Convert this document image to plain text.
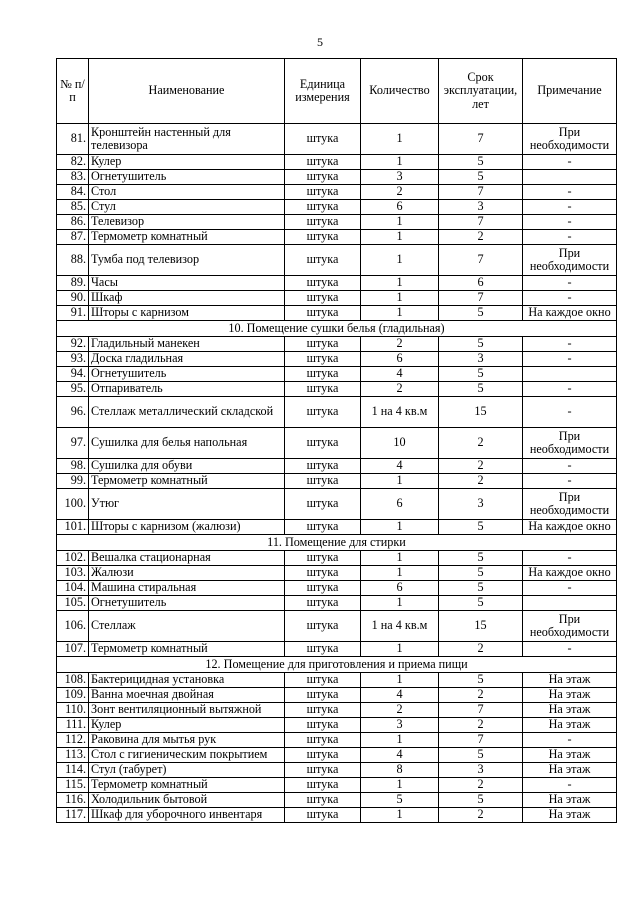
5
№ п/п	Наименование	Единица измерения	Количество	Срок эксплуатации, лет	Примечание
81.	Кронштейн настенный для телевизора	штука	1	7	При необходимости
82.	Кулер	штука	1	5	-
83.	Огнетушитель	штука	3	5	
84.	Стол	штука	2	7	-
85.	Стул	штука	6	3	-
86.	Телевизор	штука	1	7	-
87.	Термометр комнатный	штука	1	2	-
88.	Тумба под телевизор	штука	1	7	При необходимости
89.	Часы	штука	1	6	-
90.	Шкаф	штука	1	7	-
91.	Шторы с карнизом	штука	1	5	На каждое окно
10. Помещение сушки белья (гладильная)					
92.	Гладильный манекен	штука	2	5	-
93.	Доска гладильная	штука	6	3	-
94.	Огнетушитель	штука	4	5	
95.	Отпариватель	штука	2	5	-
96.	Стеллаж металлический складской	штука	1 на 4 кв.м	15	-
97.	Сушилка для белья напольная	штука	10	2	При необходимости
98.	Сушилка для обуви	штука	4	2	-
99.	Термометр комнатный	штука	1	2	-
100.	Утюг	штука	6	3	При необходимости
101.	Шторы с карнизом (жалюзи)	штука	1	5	На каждое окно
11. Помещение для стирки					
102.	Вешалка стационарная	штука	1	5	-
103.	Жалюзи	штука	1	5	На каждое окно
104.	Машина стиральная	штука	6	5	-
105.	Огнетушитель	штука	1	5	
106.	Стеллаж	штука	1 на 4 кв.м	15	При необходимости
107.	Термометр комнатный	штука	1	2	-
12. Помещение для приготовления и приема пищи					
108.	Бактерицидная установка	штука	1	5	На этаж
109.	Ванна моечная двойная	штука	4	2	На этаж
110.	Зонт вентиляционный вытяжной	штука	2	7	На этаж
111.	Кулер	штука	3	2	На этаж
112.	Раковина для мытья рук	штука	1	7	-
113.	Стол с гигиеническим покрытием	штука	4	5	На этаж
114.	Стул (табурет)	штука	8	3	На этаж
115.	Термометр комнатный	штука	1	2	-
116.	Холодильник бытовой	штука	5	5	На этаж
117.	Шкаф для уборочного инвентаря	штука	1	2	На этаж
